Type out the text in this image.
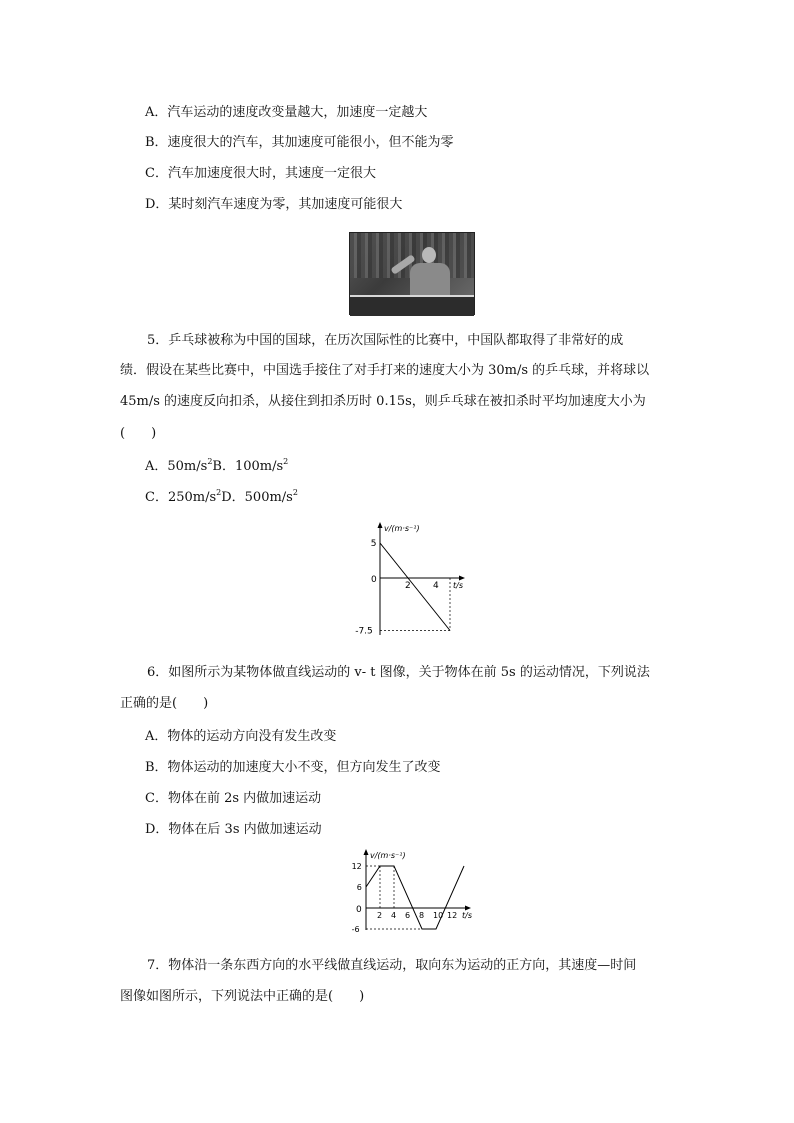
A．汽车运动的速度改变量越大，加速度一定越大
B．速度很大的汽车，其加速度可能很小，但不能为零
C．汽车加速度很大时，其速度一定很大
D．某时刻汽车速度为零，其加速度可能很大
5．乒乓球被称为中国的国球，在历次国际性的比赛中，中国队都取得了非常好的成
绩．假设在某些比赛中，中国选手接住了对手打来的速度大小为 30m/s 的乒乓球，并将球以
45m/s 的速度反向扣杀，从接住到扣杀历时 0.15s，则乒乓球在被扣杀时平均加速度大小为
(　　)
A．$50m/s^2B$．$100m/s^2$
C．$250m/s^2D$．$500m/s^2$
v/(m·s⁻¹)
t/s
0
2 4
5
-7.5
6．如图所示为某物体做直线运动的 v- t 图像，关于物体在前 5s 的运动情况，下列说法
正确的是(　　)
A．物体的运动方向没有发生改变
B．物体运动的加速度大小不变，但方向发生了改变
C．物体在前 2s 内做加速运动
D．物体在后 3s 内做加速运动
v/(m·s⁻¹)
t/s
0
2 4 6 8 10 12
12
6
-6
7．物体沿一条东西方向的水平线做直线运动，取向东为运动的正方向，其速度—时间
图像如图所示，下列说法中正确的是(　　)
